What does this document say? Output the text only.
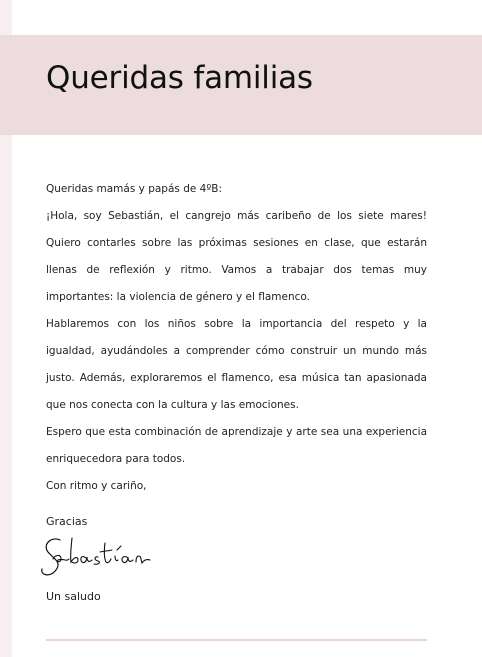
Queridas familias

Queridas mamás y papás de 4ºB:

¡Hola, soy Sebastián, el cangrejo más caribeño de los siete mares! Quiero contarles sobre las próximas sesiones en clase, que estarán llenas de reflexión y ritmo. Vamos a trabajar dos temas muy importantes: la violencia de género y el flamenco.

Hablaremos con los niños sobre la importancia del respeto y la igualdad, ayudándoles a comprender cómo construir un mundo más justo. Además, exploraremos el flamenco, esa música tan apasionada que nos conecta con la cultura y las emociones.

Espero que esta combinación de aprendizaje y arte sea una experiencia enriquecedora para todos.

Con ritmo y cariño,

Gracias

Un saludo
